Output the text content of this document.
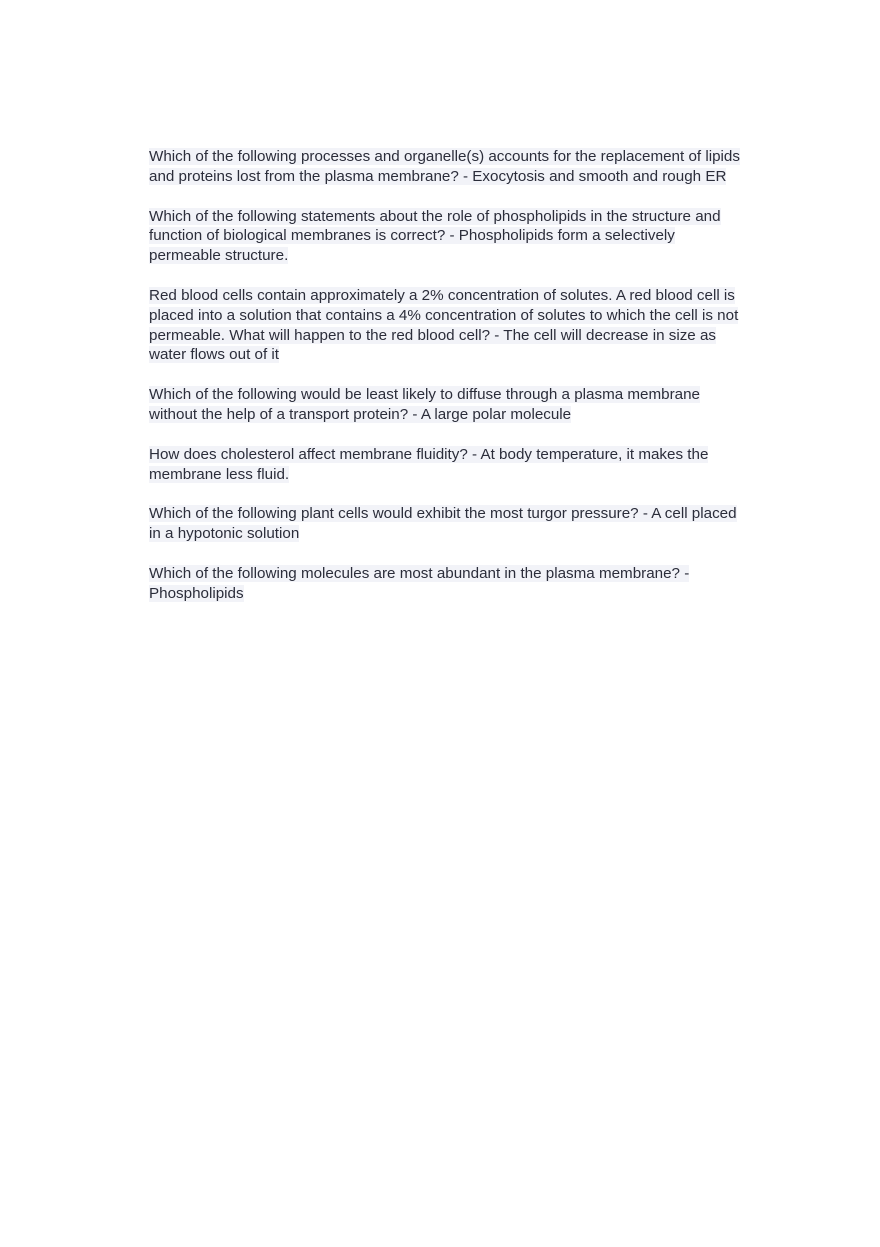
Which of the following processes and organelle(s) accounts for the replacement of lipids and proteins lost from the plasma membrane? - Exocytosis and smooth and rough ER

Which of the following statements about the role of phospholipids in the structure and function of biological membranes is correct? - Phospholipids form a selectively permeable structure.

Red blood cells contain approximately a 2% concentration of solutes. A red blood cell is placed into a solution that contains a 4% concentration of solutes to which the cell is not permeable. What will happen to the red blood cell? - The cell will decrease in size as water flows out of it

Which of the following would be least likely to diffuse through a plasma membrane without the help of a transport protein? - A large polar molecule

How does cholesterol affect membrane fluidity? - At body temperature, it makes the membrane less fluid.

Which of the following plant cells would exhibit the most turgor pressure? - A cell placed in a hypotonic solution

Which of the following molecules are most abundant in the plasma membrane? - Phospholipids
